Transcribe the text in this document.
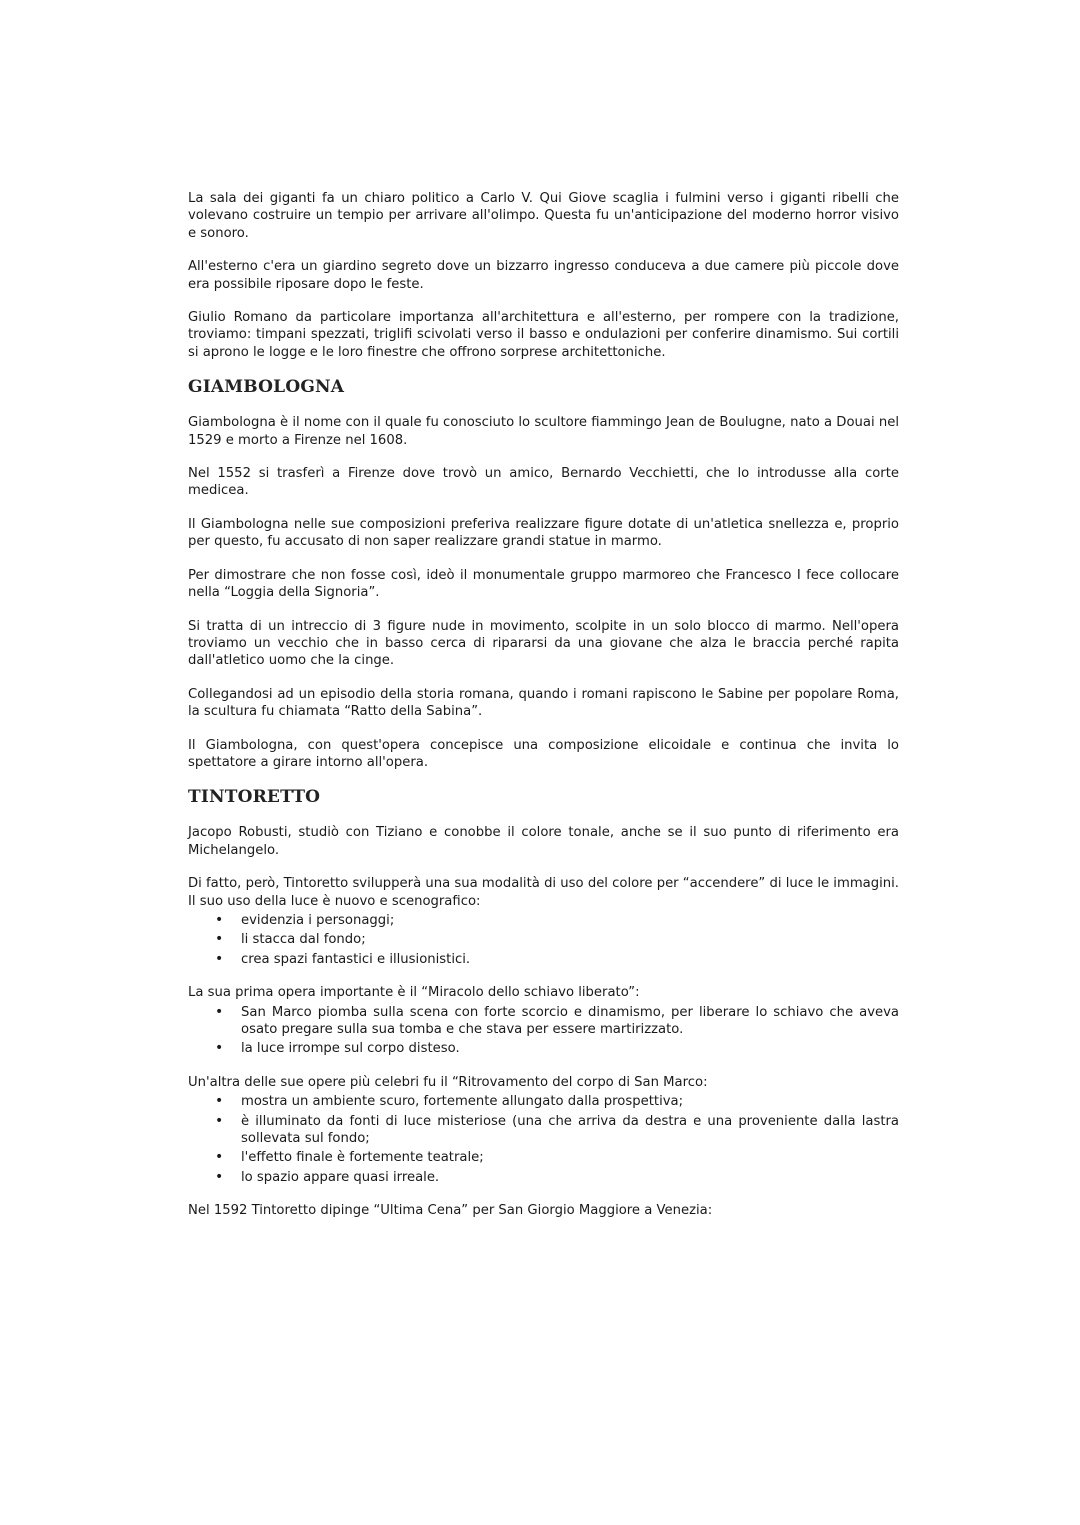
La sala dei giganti fa un chiaro politico a Carlo V. Qui Giove scaglia i fulmini verso i giganti ribelli che volevano costruire un tempio per arrivare all'olimpo. Questa fu un'anticipazione del moderno horror visivo e sonoro.

All'esterno c'era un giardino segreto dove un bizzarro ingresso conduceva a due camere più piccole dove era possibile riposare dopo le feste.

Giulio Romano da particolare importanza all'architettura e all'esterno, per rompere con la tradizione, troviamo: timpani spezzati, triglifi scivolati verso il basso e ondulazioni per conferire dinamismo. Sui cortili si aprono le logge e le loro finestre che offrono sorprese architettoniche.

GIAMBOLOGNA

Giambologna è il nome con il quale fu conosciuto lo scultore fiammingo Jean de Boulugne, nato a Douai nel 1529 e morto a Firenze nel 1608.

Nel 1552 si trasferì a Firenze dove trovò un amico, Bernardo Vecchietti, che lo introdusse alla corte medicea.

Il Giambologna nelle sue composizioni preferiva realizzare figure dotate di un'atletica snellezza e, proprio per questo, fu accusato di non saper realizzare grandi statue in marmo.

Per dimostrare che non fosse così, ideò il monumentale gruppo marmoreo che Francesco I fece collocare nella “Loggia della Signoria”.

Si tratta di un intreccio di 3 figure nude in movimento, scolpite in un solo blocco di marmo. Nell'opera troviamo un vecchio che in basso cerca di ripararsi da una giovane che alza le braccia perché rapita dall'atletico uomo che la cinge.

Collegandosi ad un episodio della storia romana, quando i romani rapiscono le Sabine per popolare Roma, la scultura fu chiamata “Ratto della Sabina”.

Il Giambologna, con quest'opera concepisce una composizione elicoidale e continua che invita lo spettatore a girare intorno all'opera.

TINTORETTO

Jacopo Robusti, studiò con Tiziano e conobbe il colore tonale, anche se il suo punto di riferimento era Michelangelo.

Di fatto, però, Tintoretto svilupperà una sua modalità di uso del colore per “accendere” di luce le immagini. Il suo uso della luce è nuovo e scenografico:

• evidenzia i personaggi;
• li stacca dal fondo;
• crea spazi fantastici e illusionistici.

La sua prima opera importante è il “Miracolo dello schiavo liberato”:

• San Marco piomba sulla scena con forte scorcio e dinamismo, per liberare lo schiavo che aveva osato pregare sulla sua tomba e che stava per essere martirizzato.
• la luce irrompe sul corpo disteso.

Un'altra delle sue opere più celebri fu il “Ritrovamento del corpo di San Marco:

• mostra un ambiente scuro, fortemente allungato dalla prospettiva;
• è illuminato da fonti di luce misteriose (una che arriva da destra e una proveniente dalla lastra sollevata sul fondo;
• l'effetto finale è fortemente teatrale;
• lo spazio appare quasi irreale.

Nel 1592 Tintoretto dipinge “Ultima Cena” per San Giorgio Maggiore a Venezia:
